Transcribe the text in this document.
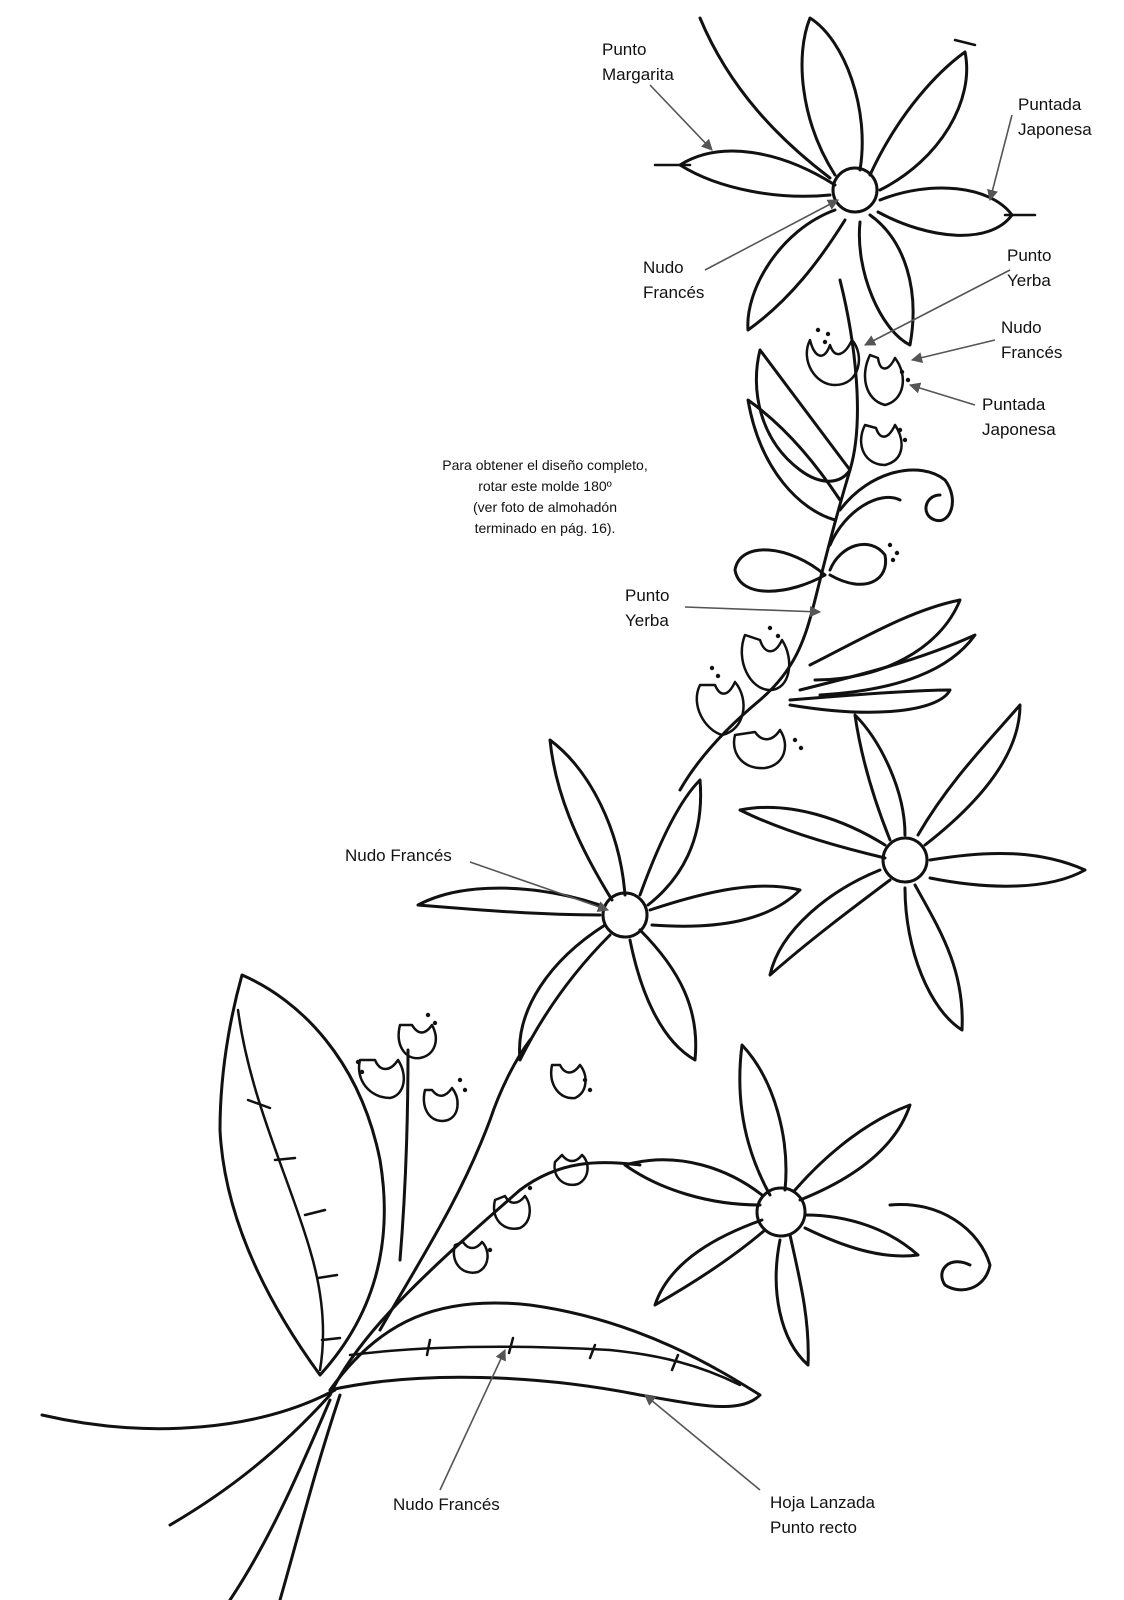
Punto
Margarita
Puntada
Japonesa
Nudo
Francés
Punto
Yerba
Nudo
Francés
Puntada
Japonesa
Para obtener el diseño completo,
rotar este molde 180º
(ver foto de almohadón
terminado en pág. 16).
Punto
Yerba
Nudo Francés
Nudo Francés	Hoja Lanzada
Punto recto
